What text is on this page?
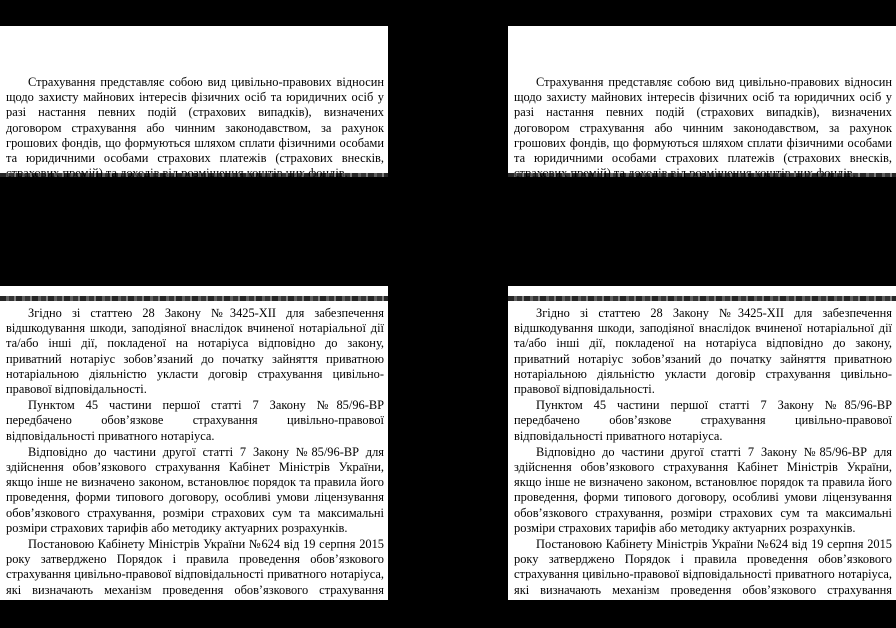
Страхування представляє собою вид цивільно-правових відносин щодо захисту майнових інтересів фізичних осіб та юридичних осіб у разі настання певних подій (страхових випадків), визначених договором страхування або чинним законодавством, за рахунок грошових фондів, що формуються шляхом сплати фізичними особами та юридичними особами страхових платежів (страхових внесків,

Згідно зі статтею 28 Закону №3425-XII для забезпечення відшкодування шкоди, заподіяної внаслідок вчиненої нотаріальної дії та/або інші дії, покладеної на нотаріуса відповідно до закону, приватний нотаріус зобов’язаний до початку зайняття приватною нотаріальною діяльністю укласти договір страхування цивільно-правової відповідальності.

Пунктом 45 частини першої статті 7 Закону №85/96-ВР передбачено обов’язкове страхування цивільно-правової відповідальності приватного нотаріуса.

Відповідно до частини другої статті 7 Закону №85/96-ВР для здійснення обов’язкового страхування Кабінет Міністрів України, якщо інше не визначено законом, встановлює порядок та правила його проведення, форми типового договору, особливі умови ліцензування обов’язкового страхування, розміри страхових сум та максимальні розміри страхових тарифів або методику актуарних розрахунків.

Постановою Кабінету Міністрів України №624 від 19 серпня 2015 року затверджено Порядок і правила проведення обов’язкового страхування цивільно-правової відповідальності приватного нотаріуса, які визначають механізм проведення обов’язкового страхування цивільно-правової відповідальності приватних нотаріусів під час вчинення ними

Страхування представляє собою вид цивільно-правових відносин щодо захисту майнових інтересів фізичних осіб та юридичних осіб у разі настання певних подій (страхових випадків), визначених договором страхування або чинним законодавством, за рахунок грошових фондів, що формуються шляхом сплати фізичними особами та юридичними особами страхових платежів (страхових внесків,

Згідно зі статтею 28 Закону №3425-XII для забезпечення відшкодування шкоди, заподіяної внаслідок вчиненої нотаріальної дії та/або інші дії, покладеної на нотаріуса відповідно до закону, приватний нотаріус зобов’язаний до початку зайняття приватною нотаріальною діяльністю укласти договір страхування цивільно-правової відповідальності.

Пунктом 45 частини першої статті 7 Закону №85/96-ВР передбачено обов’язкове страхування цивільно-правової відповідальності приватного нотаріуса.

Відповідно до частини другої статті 7 Закону №85/96-ВР для здійснення обов’язкового страхування Кабінет Міністрів України, якщо інше не визначено законом, встановлює порядок та правила його проведення, форми типового договору, особливі умови ліцензування обов’язкового страхування, розміри страхових сум та максимальні розміри страхових тарифів або методику актуарних розрахунків.

Постановою Кабінету Міністрів України №624 від 19 серпня 2015 року затверджено Порядок і правила проведення обов’язкового страхування цивільно-правової відповідальності приватного нотаріуса, які визначають механізм проведення обов’язкового страхування цивільно-правової відповідальності приватних нотаріусів під час вчинення ними
